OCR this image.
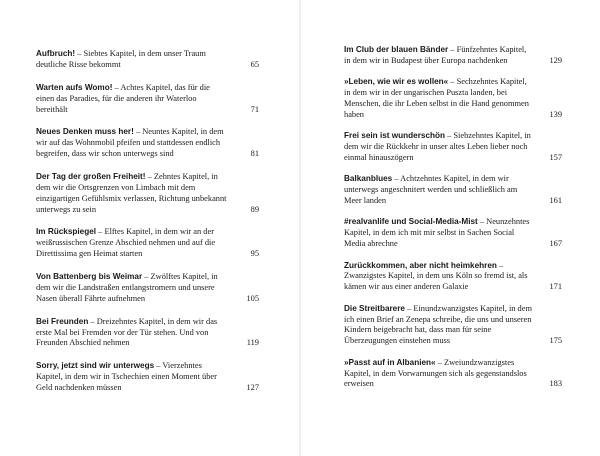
Aufbruch! – Siebtes Kapitel, in dem unser Traum deutliche Risse bekommt	65

Warten aufs Womo! – Achtes Kapitel, das für die einen das Paradies, für die anderen ihr Waterloo bereithält	71

Neues Denken muss her! – Neuntes Kapitel, in dem wir auf das Wohnmobil pfeifen und stattdessen endlich begreifen, dass wir schon unterwegs sind	81

Der Tag der großen Freiheit! – Zehntes Kapitel, in dem wir die Ortsgrenzen von Limbach mit dem einzigartigen Gefühlsmix verlassen, Richtung unbekannt unterwegs zu sein	89

Im Rückspiegel – Elftes Kapitel, in dem wir an der weißrussischen Grenze Abschied nehmen und auf die Direttissima gen Heimat starten	95

Von Battenberg bis Weimar – Zwölftes Kapitel, in dem wir die Landstraßen entlangstromern und unsere Nasen überall Fährte aufnehmen	105

Bei Freunden – Dreizehntes Kapitel, in dem wir das erste Mal bei Fremden vor der Tür stehen. Und von Freunden Abschied nehmen	119

Sorry, jetzt sind wir unterwegs – Vierzehntes Kapitel, in dem wir in Tschechien einen Moment über Geld nachdenken müssen	127

Im Club der blauen Bänder – Fünfzehntes Kapitel, in dem wir in Budapest über Europa nachdenken	129

»Leben, wie wir es wollen« – Sechzehntes Kapitel, in dem wir in der ungarischen Puszta landen, bei Menschen, die ihr Leben selbst in die Hand genommen haben	139

Frei sein ist wunderschön – Siebzehntes Kapitel, in dem wir die Rückkehr in unser altes Leben lieber noch einmal hinauszögern	157

Balkanblues – Achtzehntes Kapitel, in dem wir unterwegs angeschnitert werden und schließlich am Meer landen	161

#realvanlife und Social-Media-Mist – Neunzehntes Kapitel, in dem ich mit mir selbst in Sachen Social Media abrechne	167

Zurückkommen, aber nicht heimkehren – Zwanzigstes Kapitel, in dem uns Köln so fremd ist, als kämen wir aus einer anderen Galaxie	171

Die Streitbarere – Einundzwanzigstes Kapitel, in dem ich einen Brief an Zenepa schreibe, die uns und unseren Kindern beigebracht hat, dass man für seine Überzeugungen einstehen muss	175

»Passt auf in Albanien« – Zweiundzwanzigstes Kapitel, in dem Vorwarnungen sich als gegenstandslos erweisen	183
